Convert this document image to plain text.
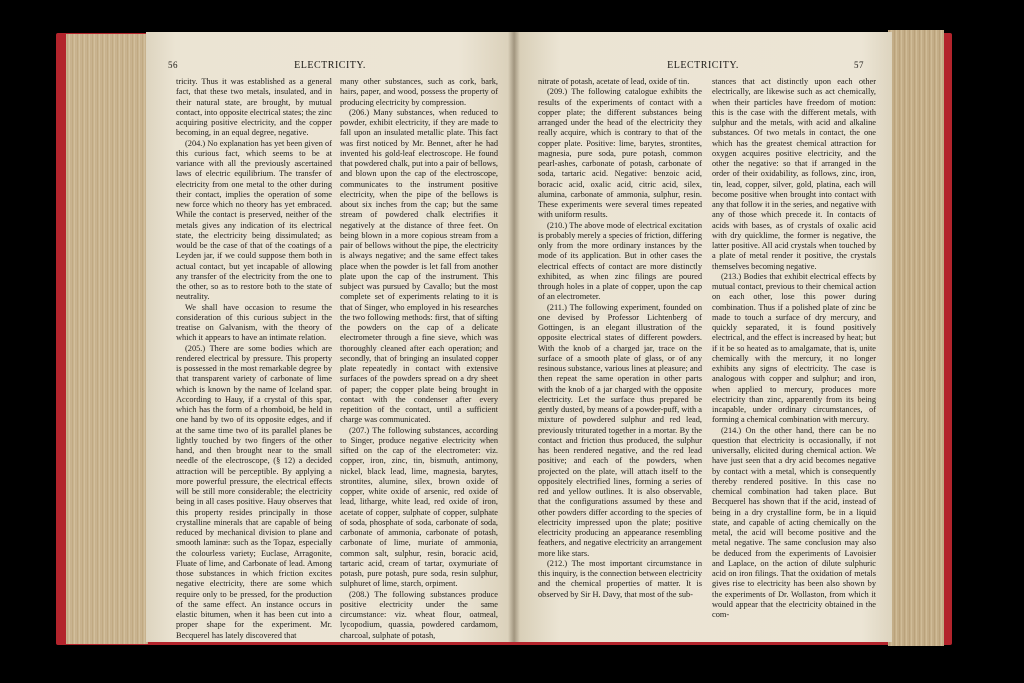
56	ELECTRICITY.

tricity. Thus it was established as a general fact, that these two metals, insulated, and in their natural state, are brought, by mutual contact, into opposite electrical states; the zinc acquiring positive electricity, and the copper becoming, in an equal degree, negative.

(204.) No explanation has yet been given of this curious fact, which seems to be at variance with all the previously ascertained laws of electric equilibrium. The transfer of electricity from one metal to the other during their contact, implies the operation of some new force which no theory has yet embraced. While the contact is preserved, neither of the metals gives any indication of its electrical state, the electricity being dissimulated; as would be the case of that of the coatings of a Leyden jar, if we could suppose them both in actual contact, but yet incapable of allowing any transfer of the electricity from the one to the other, so as to restore both to the state of neutrality.

We shall have occasion to resume the consideration of this curious subject in the treatise on Galvanism, with the theory of which it appears to have an intimate relation.

(205.) There are some bodies which are rendered electrical by pressure. This property is possessed in the most remarkable degree by that transparent variety of carbonate of lime which is known by the name of Iceland spar. According to Hauy, if a crystal of this spar, which has the form of a rhomboid, be held in one hand by two of its opposite edges, and if at the same time two of its parallel planes be lightly touched by two fingers of the other hand, and then brought near to the small needle of the electroscope, (§ 12) a decided attraction will be perceptible. By applying a more powerful pressure, the electrical effects will be still more considerable; the electricity being in all cases positive. Hauy observes that this property resides principally in those crystalline minerals that are capable of being reduced by mechanical division to plane and smooth laminæ: such as the Topaz, especially the colourless variety; Euclase, Arragonite, Fluate of lime, and Carbonate of lead. Among those substances in which friction excites negative electricity, there are some which require only to be pressed, for the production of the same effect. An instance occurs in elastic bitumen, when it has been cut into a proper shape for the experiment. Mr. Becquerel has lately discovered that

many other substances, such as cork, bark, hairs, paper, and wood, possess the property of producing electricity by compression.

(206.) Many substances, when reduced to powder, exhibit electricity, if they are made to fall upon an insulated metallic plate. This fact was first noticed by Mr. Bennet, after he had invented his gold-leaf electroscope. He found that powdered chalk, put into a pair of bellows, and blown upon the cap of the electroscope, communicates to the instrument positive electricity, when the pipe of the bellows is about six inches from the cap; but the same stream of powdered chalk electrifies it negatively at the distance of three feet. On being blown in a more copious stream from a pair of bellows without the pipe, the electricity is always negative; and the same effect takes place when the powder is let fall from another plate upon the cap of the instrument. This subject was pursued by Cavallo; but the most complete set of experiments relating to it is that of Singer, who employed in his researches the two following methods: first, that of sifting the powders on the cap of a delicate electrometer through a fine sieve, which was thoroughly cleaned after each operation; and secondly, that of bringing an insulated copper plate repeatedly in contact with extensive surfaces of the powders spread on a dry sheet of paper; the copper plate being brought in contact with the condenser after every repetition of the contact, until a sufficient charge was communicated.

(207.) The following substances, according to Singer, produce negative electricity when sifted on the cap of the electrometer: viz. copper, iron, zinc, tin, bismuth, antimony, nickel, black lead, lime, magnesia, barytes, strontites, alumine, silex, brown oxide of copper, white oxide of arsenic, red oxide of lead, litharge, white lead, red oxide of iron, acetate of copper, sulphate of copper, sulphate of soda, phosphate of soda, carbonate of soda, carbonate of ammonia, carbonate of potash, carbonate of lime, muriate of ammonia, common salt, sulphur, resin, boracic acid, tartaric acid, cream of tartar, oxymuriate of potash, pure potash, pure soda, resin sulphur, sulphuret of lime, starch, orpiment.

(208.) The following substances produce positive electricity under the same circumstance: viz. wheat flour, oatmeal, lycopodium, quassia, powdered cardamom, charcoal, sulphate of potash,

ELECTRICITY.	57

nitrate of potash, acetate of lead, oxide of tin.

(209.) The following catalogue exhibits the results of the experiments of contact with a copper plate; the different substances being arranged under the head of the electricity they really acquire, which is contrary to that of the copper plate. Positive: lime, barytes, strontites, magnesia, pure soda, pure potash, common pearl-ashes, carbonate of potash, carbonate of soda, tartaric acid. Negative: benzoic acid, boracic acid, oxalic acid, citric acid, silex, alumina, carbonate of ammonia, sulphur, resin. These experiments were several times repeated with uniform results.

(210.) The above mode of electrical excitation is probably merely a species of friction, differing only from the more ordinary instances by the mode of its application. But in other cases the electrical effects of contact are more distinctly exhibited, as when zinc filings are poured through holes in a plate of copper, upon the cap of an electrometer.

(211.) The following experiment, founded on one devised by Professor Lichtenberg of Gottingen, is an elegant illustration of the opposite electrical states of different powders. With the knob of a charged jar, trace on the surface of a smooth plate of glass, or of any resinous substance, various lines at pleasure; and then repeat the same operation in other parts with the knob of a jar charged with the opposite electricity. Let the surface thus prepared be gently dusted, by means of a powder-puff, with a mixture of powdered sulphur and red lead, previously triturated together in a mortar. By the contact and friction thus produced, the sulphur has been rendered negative, and the red lead positive; and each of the powders, when projected on the plate, will attach itself to the oppositely electrified lines, forming a series of red and yellow outlines. It is also observable, that the configurations assumed by these and other powders differ according to the species of electricity impressed upon the plate; positive electricity producing an appearance resembling feathers, and negative electricity an arrangement more like stars.

(212.) The most important circumstance in this inquiry, is the connection between electricity and the chemical properties of matter. It is observed by Sir H. Davy, that most of the sub-

stances that act distinctly upon each other electrically, are likewise such as act chemically, when their particles have freedom of motion: this is the case with the different metals, with sulphur and the metals, with acid and alkaline substances. Of two metals in contact, the one which has the greatest chemical attraction for oxygen acquires positive electricity, and the other the negative: so that if arranged in the order of their oxidability, as follows, zinc, iron, tin, lead, copper, silver, gold, platina, each will become positive when brought into contact with any that follow it in the series, and negative with any of those which precede it. In contacts of acids with bases, as of crystals of oxalic acid with dry quicklime, the former is negative, the latter positive. All acid crystals when touched by a plate of metal render it positive, the crystals themselves becoming negative.

(213.) Bodies that exhibit electrical effects by mutual contact, previous to their chemical action on each other, lose this power during combination. Thus if a polished plate of zinc be made to touch a surface of dry mercury, and quickly separated, it is found positively electrical, and the effect is increased by heat; but if it be so heated as to amalgamate, that is, unite chemically with the mercury, it no longer exhibits any signs of electricity. The case is analogous with copper and sulphur; and iron, when applied to mercury, produces more electricity than zinc, apparently from its being incapable, under ordinary circumstances, of forming a chemical combination with mercury.

(214.) On the other hand, there can be no question that electricity is occasionally, if not universally, elicited during chemical action. We have just seen that a dry acid becomes negative by contact with a metal, which is consequently thereby rendered positive. In this case no chemical combination had taken place. But Becquerel has shown that if the acid, instead of being in a dry crystalline form, be in a liquid state, and capable of acting chemically on the metal, the acid will become positive and the metal negative. The same conclusion may also be deduced from the experiments of Lavoisier and Laplace, on the action of dilute sulphuric acid on iron filings. That the oxidation of metals gives rise to electricity has been also shown by the experiments of Dr. Wollaston, from which it would appear that the electricity obtained in the com-
